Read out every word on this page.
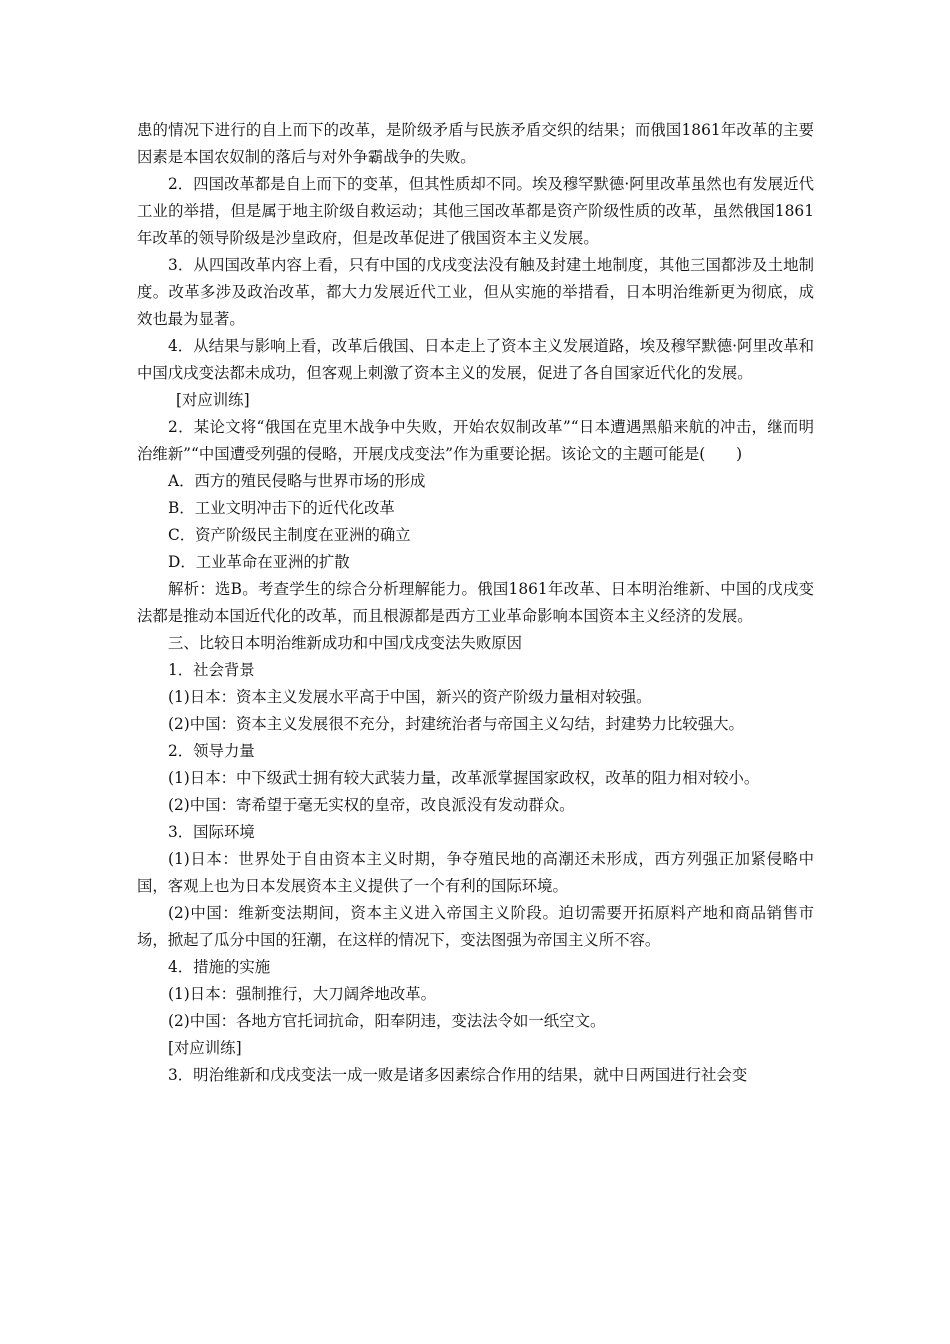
患的情况下进行的自上而下的改革，是阶级矛盾与民族矛盾交织的结果；而俄国1861年改革的主要因素是本国农奴制的落后与对外争霸战争的失败。

2．四国改革都是自上而下的变革，但其性质却不同。埃及穆罕默德·阿里改革虽然也有发展近代工业的举措，但是属于地主阶级自救运动；其他三国改革都是资产阶级性质的改革，虽然俄国1861年改革的领导阶级是沙皇政府，但是改革促进了俄国资本主义发展。

3．从四国改革内容上看，只有中国的戊戌变法没有触及封建土地制度，其他三国都涉及土地制度。改革多涉及政治改革，都大力发展近代工业，但从实施的举措看，日本明治维新更为彻底，成效也最为显著。

4．从结果与影响上看，改革后俄国、日本走上了资本主义发展道路，埃及穆罕默德·阿里改革和中国戊戌变法都未成功，但客观上刺激了资本主义的发展，促进了各自国家近代化的发展。

[对应训练]

2．某论文将“俄国在克里木战争中失败，开始农奴制改革”“日本遭遇黑船来航的冲击，继而明治维新”“中国遭受列强的侵略，开展戊戌变法”作为重要论据。该论文的主题可能是(　　)

A．西方的殖民侵略与世界市场的形成

B．工业文明冲击下的近代化改革

C．资产阶级民主制度在亚洲的确立

D．工业革命在亚洲的扩散

解析：选B。考查学生的综合分析理解能力。俄国1861年改革、日本明治维新、中国的戊戌变法都是推动本国近代化的改革，而且根源都是西方工业革命影响本国资本主义经济的发展。

三、比较日本明治维新成功和中国戊戌变法失败原因

1．社会背景

(1)日本：资本主义发展水平高于中国，新兴的资产阶级力量相对较强。

(2)中国：资本主义发展很不充分，封建统治者与帝国主义勾结，封建势力比较强大。

2．领导力量

(1)日本：中下级武士拥有较大武装力量，改革派掌握国家政权，改革的阻力相对较小。

(2)中国：寄希望于毫无实权的皇帝，改良派没有发动群众。

3．国际环境

(1)日本：世界处于自由资本主义时期，争夺殖民地的高潮还未形成，西方列强正加紧侵略中国，客观上也为日本发展资本主义提供了一个有利的国际环境。

(2)中国：维新变法期间，资本主义进入帝国主义阶段。迫切需要开拓原料产地和商品销售市场，掀起了瓜分中国的狂潮，在这样的情况下，变法图强为帝国主义所不容。

4．措施的实施

(1)日本：强制推行，大刀阔斧地改革。

(2)中国：各地方官托词抗命，阳奉阴违，变法法令如一纸空文。

[对应训练]

3．明治维新和戊戌变法一成一败是诸多因素综合作用的结果，就中日两国进行社会变
